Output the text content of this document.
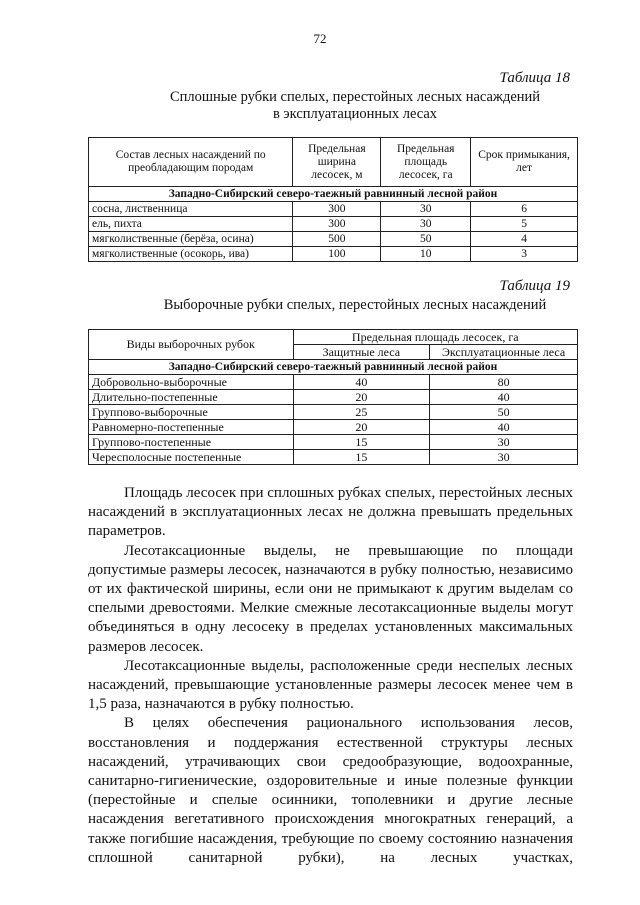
72
Таблица 18
Сплошные рубки спелых, перестойных лесных насаждений
в эксплуатационных лесах
Состав лесных насаждений по преобладающим породам	Предельная ширина лесосек, м	Предельная площадь лесосек, га	Срок примыкания, лет
Западно-Сибирский северо-таежный равнинный лесной район			
сосна, лиственница	300	30	6
ель, пихта	300	30	5
мягколиственные (берёза, осина)	500	50	4
мягколиственные (осокорь, ива)	100	10	3
Таблица 19
Выборочные рубки спелых, перестойных лесных насаждений
Виды выборочных рубок	Предельная площадь лесосек, га	
	Защитные леса	Эксплуатационные леса
Западно-Сибирский северо-таежный равнинный лесной район		
Добровольно-выборочные	40	80
Длительно-постепенные	20	40
Группово-выборочные	25	50
Равномерно-постепенные	20	40
Группово-постепенные	15	30
Чересполосные постепенные	15	30

Площадь лесосек при сплошных рубках спелых, перестойных лесных насаждений в эксплуатационных лесах не должна превышать предельных параметров.

Лесотаксационные выделы, не превышающие по площади допустимые размеры лесосек, назначаются в рубку полностью, независимо от их фактической ширины, если они не примыкают к другим выделам со спелыми древостоями. Мелкие смежные лесотаксационные выделы могут объединяться в одну лесосеку в пределах установленных максимальных размеров лесосек.

Лесотаксационные выделы, расположенные среди неспелых лесных насаждений, превышающие установленные размеры лесосек менее чем в 1,5 раза, назначаются в рубку полностью.

В целях обеспечения рационального использования лесов, восстановления и поддержания естественной структуры лесных насаждений, утрачивающих свои средообразующие, водоохранные, санитарно-гигиенические, оздоровительные и иные полезные функции (перестойные и спелые осинники, тополевники и другие лесные насаждения вегетативного происхождения многократных генераций, а также погибшие насаждения, требующие по своему состоянию назначения сплошной санитарной рубки), на лесных участках,
